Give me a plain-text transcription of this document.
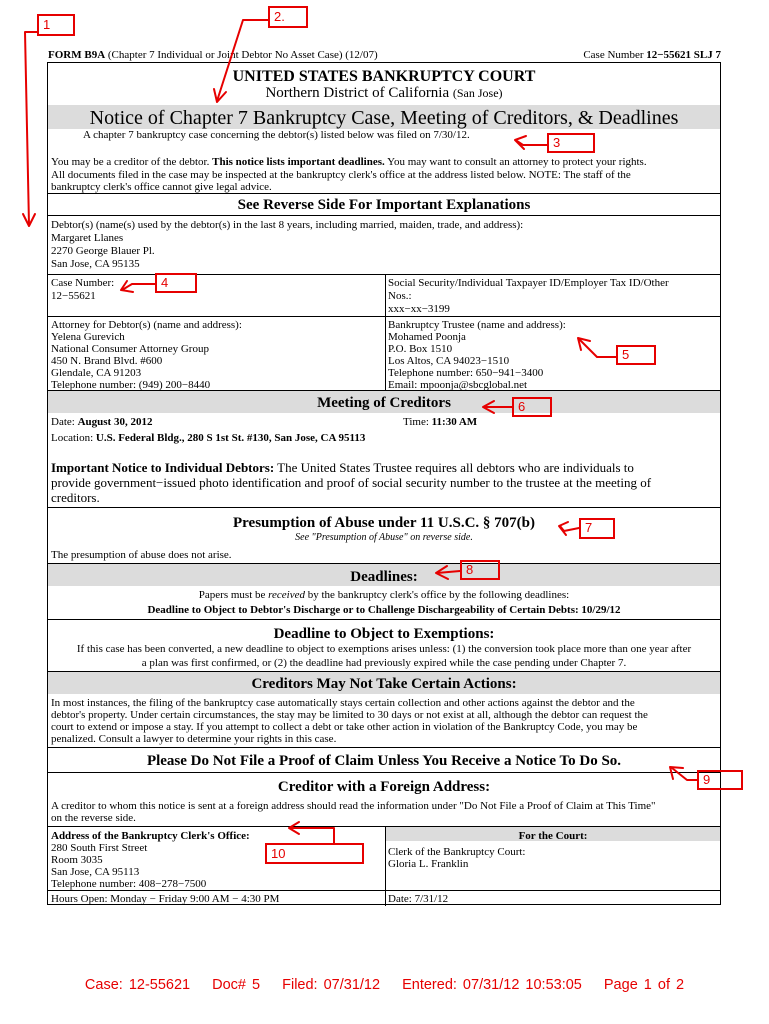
FORM B9A (Chapter 7 Individual or Joint Debtor No Asset Case) (12/07)	Case Number 12−55621 SLJ 7
UNITED STATES BANKRUPTCY COURT
Northern District of California (San Jose)
Notice of Chapter 7 Bankruptcy Case, Meeting of Creditors, & Deadlines
A chapter 7 bankruptcy case concerning the debtor(s) listed below was filed on 7/30/12.
You may be a creditor of the debtor. This notice lists important deadlines. You may want to consult an attorney to protect your rights.
All documents filed in the case may be inspected at the bankruptcy clerk's office at the address listed below. NOTE: The staff of the
bankruptcy clerk's office cannot give legal advice.
See Reverse Side For Important Explanations
Debtor(s) (name(s) used by the debtor(s) in the last 8 years, including married, maiden, trade, and address):
Margaret Llanes
2270 George Blauer Pl.
San Jose, CA 95135
Case Number:
12−55621
Social Security/Individual Taxpayer ID/Employer Tax ID/Other
Nos.:
xxx−xx−3199
Attorney for Debtor(s) (name and address):
Yelena Gurevich
National Consumer Attorney Group
450 N. Brand Blvd. #600
Glendale, CA 91203
Telephone number: (949) 200−8440
Bankruptcy Trustee (name and address):
Mohamed Poonja
P.O. Box 1510
Los Altos, CA 94023−1510
Telephone number: 650−941−3400
Email: mpoonja@sbcglobal.net
Meeting of Creditors
Date: August 30, 2012	Time: 11:30 AM
Location: U.S. Federal Bldg., 280 S 1st St. #130, San Jose, CA 95113
Important Notice to Individual Debtors: The United States Trustee requires all debtors who are individuals to
provide government−issued photo identification and proof of social security number to the trustee at the meeting of
creditors.
Presumption of Abuse under 11 U.S.C. § 707(b)
See "Presumption of Abuse" on reverse side.
The presumption of abuse does not arise.
Deadlines:
Papers must be received by the bankruptcy clerk's office by the following deadlines:
Deadline to Object to Debtor's Discharge or to Challenge Dischargeability of Certain Debts: 10/29/12
Deadline to Object to Exemptions:
If this case has been converted, a new deadline to object to exemptions arises unless: (1) the conversion took place more than one year after
a plan was first confirmed, or (2) the deadline had previously expired while the case pending under Chapter 7.
Creditors May Not Take Certain Actions:
In most instances, the filing of the bankruptcy case automatically stays certain collection and other actions against the debtor and the
debtor's property. Under certain circumstances, the stay may be limited to 30 days or not exist at all, although the debtor can request the
court to extend or impose a stay. If you attempt to collect a debt or take other action in violation of the Bankruptcy Code, you may be
penalized. Consult a lawyer to determine your rights in this case.
Please Do Not File a Proof of Claim Unless You Receive a Notice To Do So.
Creditor with a Foreign Address:
A creditor to whom this notice is sent at a foreign address should read the information under "Do Not File a Proof of Claim at This Time"
on the reverse side.
Address of the Bankruptcy Clerk's Office:
280 South First Street
Room 3035
San Jose, CA 95113
Telephone number: 408−278−7500
For the Court:
Clerk of the Bankruptcy Court:
Gloria L. Franklin
Hours Open: Monday − Friday 9:00 AM − 4:30 PM	Date: 7/31/12
1
2.
3
4
5
6
7
8
9
10
Case: 12-55621 Doc# 5 Filed: 07/31/12 Entered: 07/31/12 10:53:05 Page 1 of 2
